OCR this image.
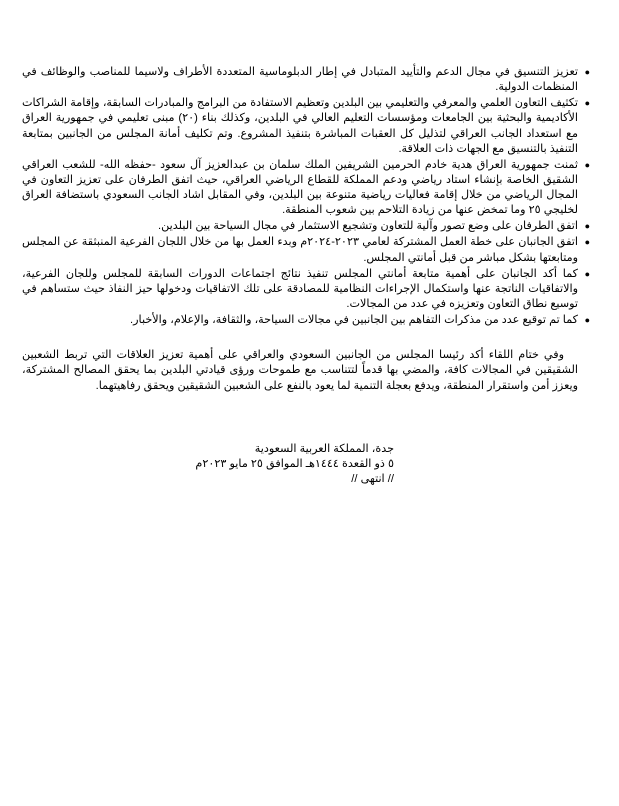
●
تعزيز التنسيق في مجال الدعم والتأييد المتبادل في إطار الدبلوماسية المتعددة الأطراف ولاسيما للمناصب والوظائف في المنظمات الدولية.
●
تكثيف التعاون العلمي والمعرفي والتعليمي بين البلدين وتعظيم الاستفادة من البرامج والمبادرات السابقة، وإقامة الشراكات الأكاديمية والبحثية بين الجامعات ومؤسسات التعليم العالي في البلدين، وكذلك بناء (٢٠) مبنى تعليمي في جمهورية العراق مع استعداد الجانب العراقي لتذليل كل العقبات المباشرة بتنفيذ المشروع. وتم تكليف أمانة المجلس من الجانبين بمتابعة التنفيذ بالتنسيق مع الجهات ذات العلاقة.
●
ثمنت جمهورية العراق هدية خادم الحرمين الشريفين الملك سلمان بن عبدالعزيز آل سعود -حفظه الله- للشعب العراقي الشقيق الخاصة بإنشاء استاد رياضي ودعم المملكة للقطاع الرياضي العراقي، حيث اتفق الطرفان على تعزيز التعاون في المجال الرياضي من خلال إقامة فعاليات رياضية متنوعة بين البلدين، وفي المقابل اشاد الجانب السعودي باستضافة العراق لخليجي ٢٥ وما تمخض عنها من زيادة التلاحم بين شعوب المنطقة.
●
اتفق الطرفان على وضع تصور وآلية للتعاون وتشجيع الاستثمار في مجال السياحة بين البلدين.
●
اتفق الجانبان على خطة العمل المشتركة لعامي ٢٠٢٣-٢٠٢٤م وبدء العمل بها من خلال اللجان الفرعية المنبثقة عن المجلس ومتابعتها بشكل مباشر من قبل أمانتي المجلس.
●
كما أكد الجانبان على أهمية متابعة أمانتي المجلس تنفيذ نتائج اجتماعات الدورات السابقة للمجلس وللجان الفرعية، والاتفاقيات الناتجة عنها واستكمال الإجراءات النظامية للمصادقة على تلك الاتفاقيات ودخولها حيز النفاذ حيث ستساهم في توسيع نطاق التعاون وتعزيزه في عدد من المجالات.
●
كما تم توقيع عدد من مذكرات التفاهم بين الجانبين في مجالات السياحة، والثقافة، والإعلام، والأخبار.

وفي ختام اللقاء أكد رئيسا المجلس من الجانبين السعودي والعراقي على أهمية تعزيز العلاقات التي تربط الشعبين الشقيقين في المجالات كافة، والمضي بها قدماً لتتناسب مع طموحات ورؤى قيادتي البلدين بما يحقق المصالح المشتركة، ويعزز أمن واستقرار المنطقة، ويدفع بعجلة التنمية لما يعود بالنفع على الشعبين الشقيقين ويحقق رفاهيتهما.

جدة، المملكة العربية السعودية
٥ ذو القعدة ١٤٤٤هـ الموافق ٢٥ مايو ٢٠٢٣م
// انتهى //
